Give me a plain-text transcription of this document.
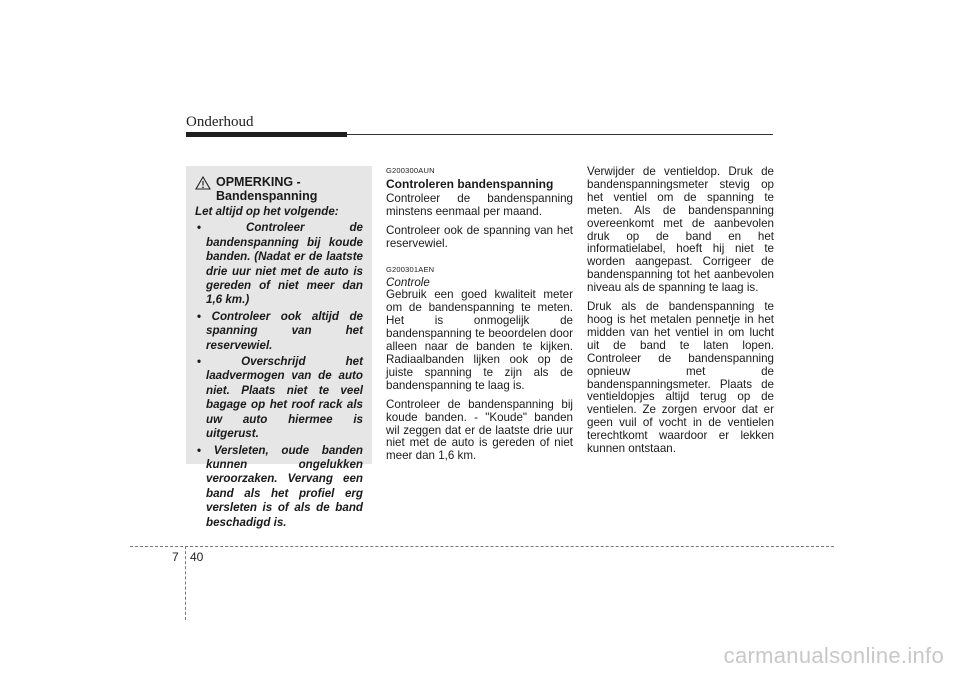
Onderhoud
OPMERKING - Bandenspanning
Let altijd op het volgende:
•	Controleer de bandenspanning bij koude banden. (Nadat er de laatste drie uur niet met de auto is gereden of niet meer dan 1,6 km.)
• Controleer ook altijd de spanning van het reservewiel.
•	Overschrijd het laadvermogen van de auto niet. Plaats niet te veel bagage op het roof rack als uw auto hiermee is uitgerust.
• Versleten, oude banden kunnen ongelukken veroorzaken. Vervang een band als het profiel erg versleten is of als de band beschadigd is.
G200300AUN
Controleren bandenspanning

Controleer de bandenspanning minstens eenmaal per maand.

Controleer ook de spanning van het reservewiel.

G200301AEN
Controle

Gebruik een goed kwaliteit meter om de bandenspanning te meten. Het is onmogelijk de bandenspanning te beoordelen door alleen naar de banden te kijken. Radiaalbanden lijken ook op de juiste spanning te zijn als de bandenspanning te laag is.

Controleer de bandenspanning bij koude banden. - "Koude" banden wil zeggen dat er de laatste drie uur niet met de auto is gereden of niet meer dan 1,6 km.

Verwijder de ventieldop. Druk de bandenspanningsmeter stevig op het ventiel om de spanning te meten. Als de bandenspanning overeenkomt met de aanbevolen druk op de band en het informatielabel, hoeft hij niet te worden aangepast. Corrigeer de bandenspanning tot het aanbevolen niveau als de spanning te laag is.

Druk als de bandenspanning te hoog is het metalen pennetje in het midden van het ventiel in om lucht uit de band te laten lopen. Controleer de bandenspanning opnieuw met de bandenspanningsmeter. Plaats de ventieldopjes altijd terug op de ventielen. Ze zorgen ervoor dat er geen vuil of vocht in de ventielen terechtkomt waardoor er lekken kunnen ontstaan.

7 40
carmanualsonline.info
